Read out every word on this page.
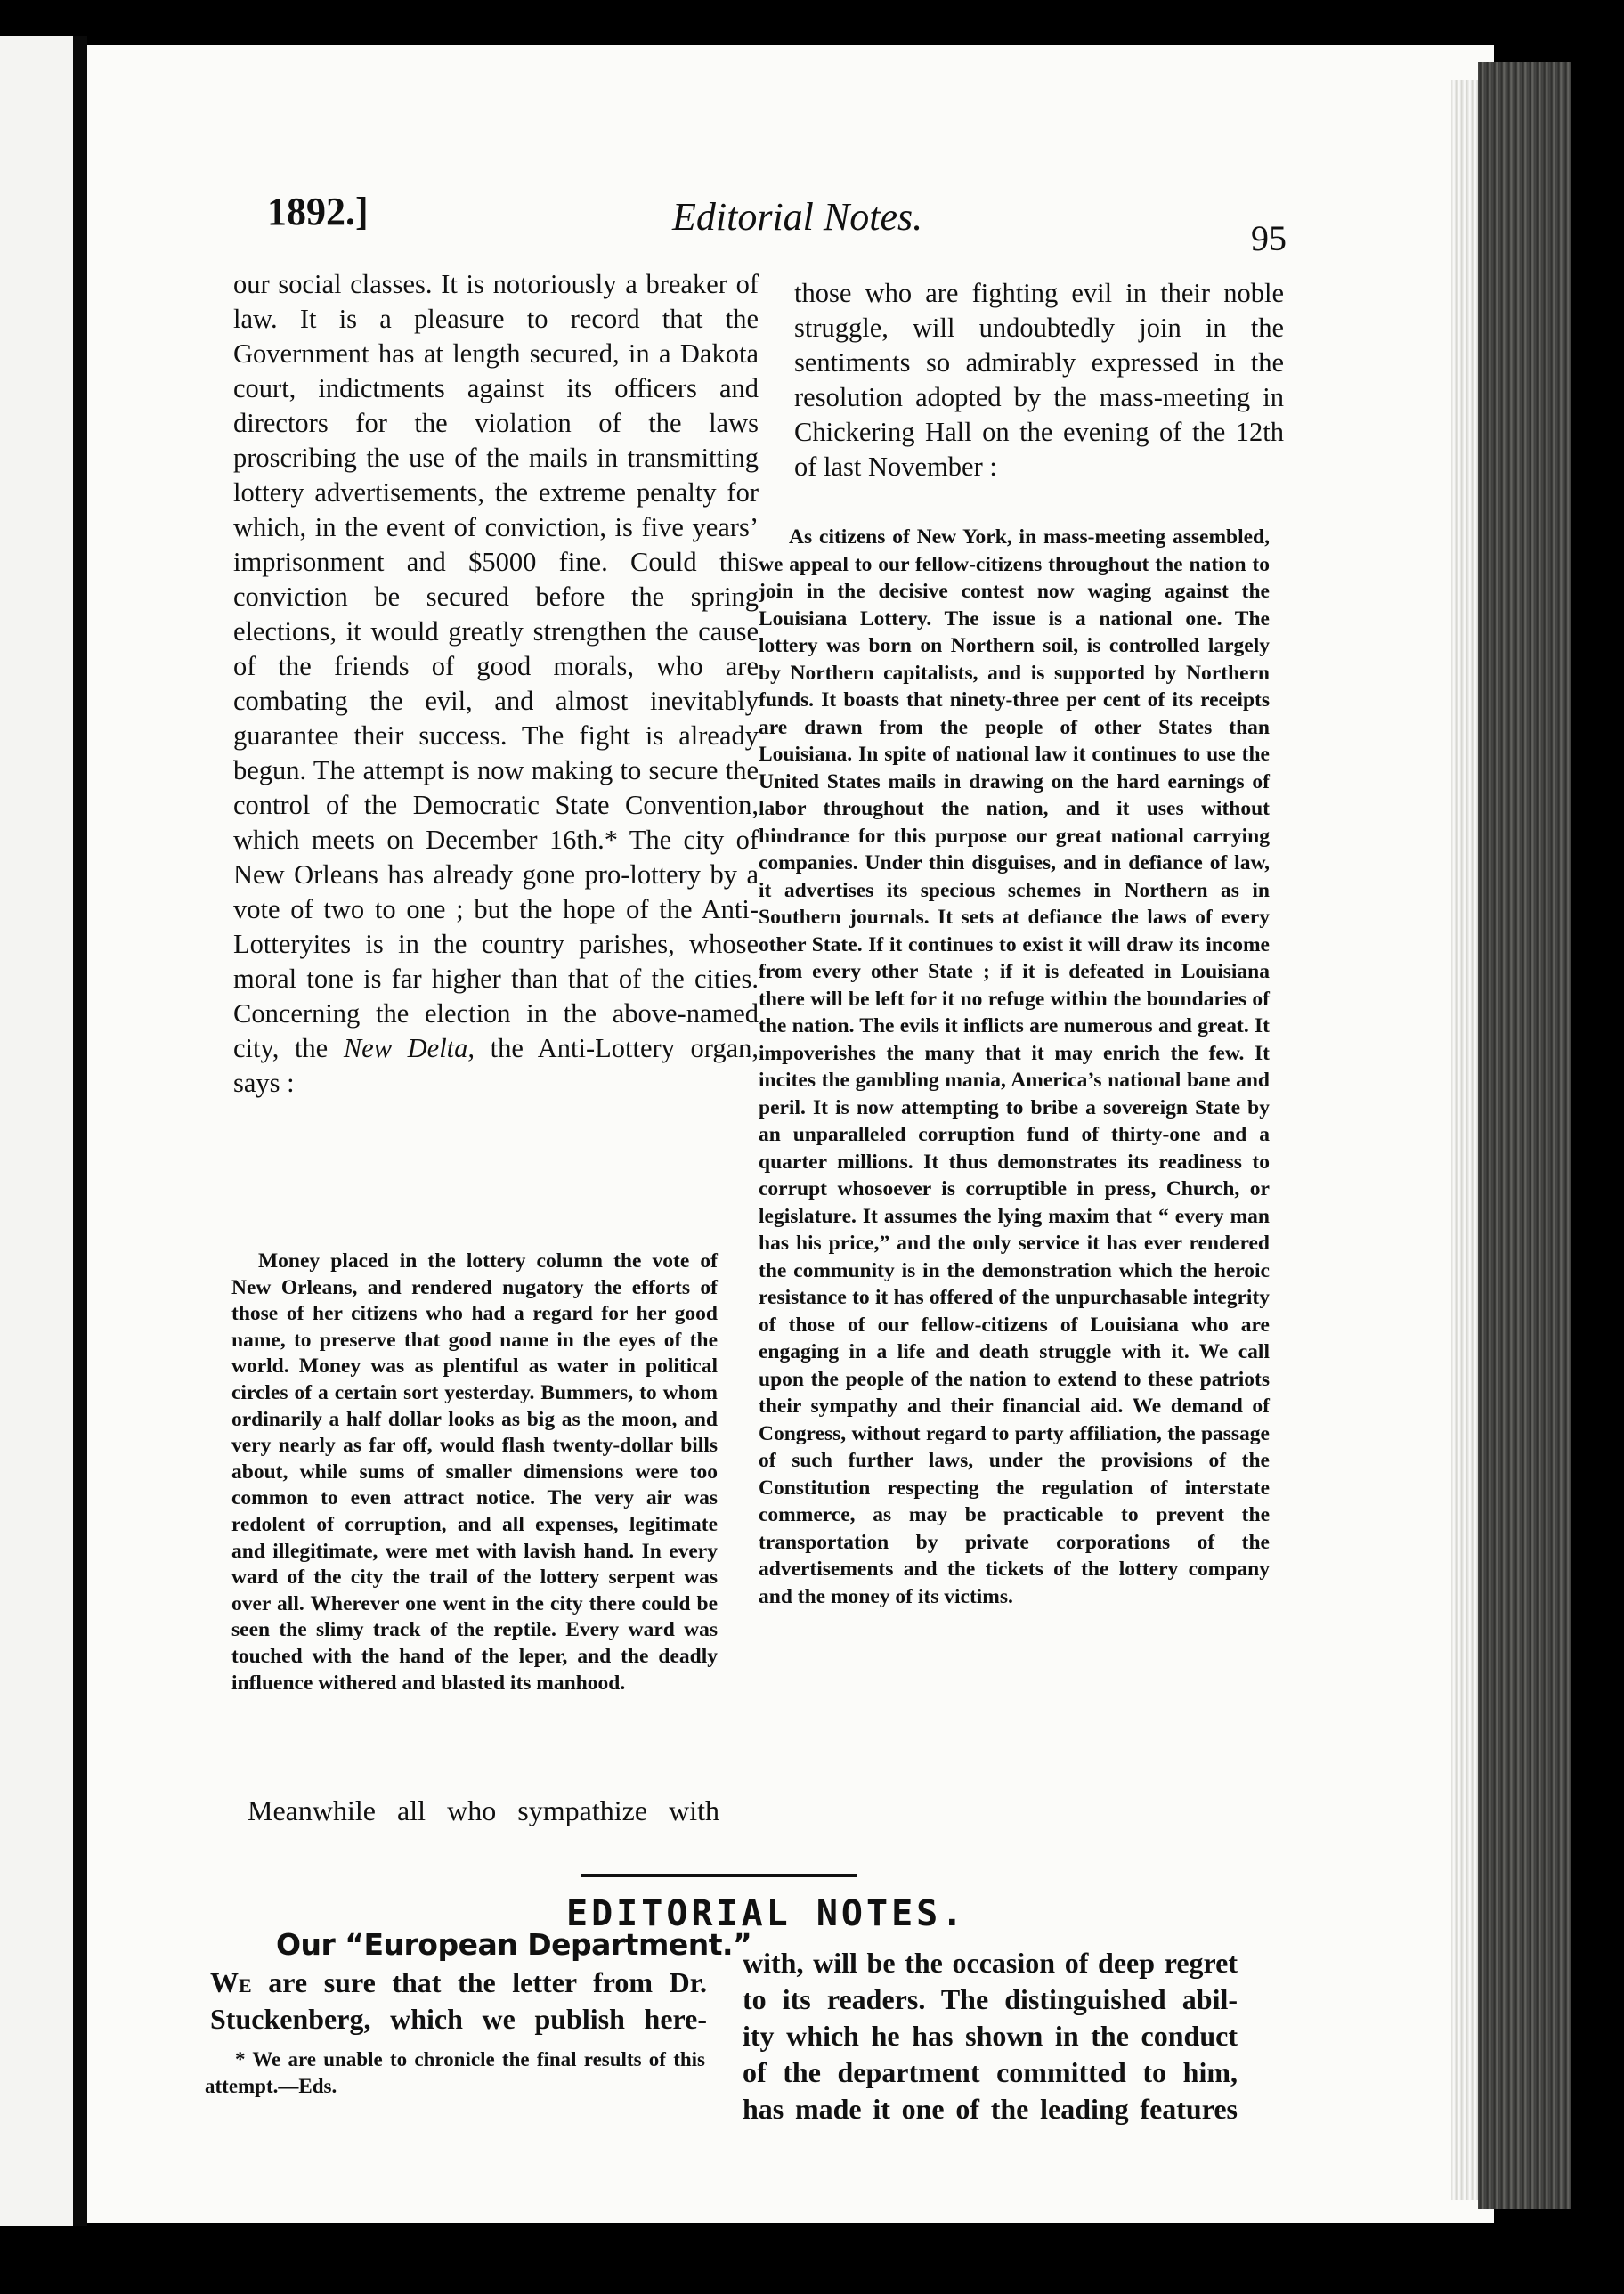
1892.]	Editorial Notes.	95

our social classes. It is notoriously a breaker of law. It is a pleasure to record that the Government has at length secured, in a Dakota court, indictments against its officers and directors for the violation of the laws proscribing the use of the mails in transmitting lottery advertisements, the extreme penalty for which, in the event of conviction, is five years’ imprisonment and $5000 fine. Could this conviction be secured before the spring elections, it would greatly strengthen the cause of the friends of good morals, who are combating the evil, and almost inevitably guarantee their success. The fight is already begun. The attempt is now making to secure the control of the Democratic State Convention, which meets on December 16th.* The city of New Orleans has already gone pro-lottery by a vote of two to one ; but the hope of the Anti-Lotteryites is in the country parishes, whose moral tone is far higher than that of the cities. Concerning the election in the above-named city, the New Delta, the Anti-Lottery organ, says :

Money placed in the lottery column the vote of New Orleans, and rendered nugatory the efforts of those of her citizens who had a regard for her good name, to preserve that good name in the eyes of the world. Money was as plentiful as water in political circles of a certain sort yesterday. Bummers, to whom ordinarily a half dollar looks as big as the moon, and very nearly as far off, would flash twenty-dollar bills about, while sums of smaller dimensions were too common to even attract notice. The very air was redolent of corruption, and all expenses, legitimate and illegitimate, were met with lavish hand. In every ward of the city the trail of the lottery serpent was over all. Wherever one went in the city there could be seen the slimy track of the reptile. Every ward was touched with the hand of the leper, and the deadly influence withered and blasted its manhood.

Meanwhile all who sympathize with

those who are fighting evil in their noble struggle, will undoubtedly join in the sentiments so admirably expressed in the resolution adopted by the mass-meeting in Chickering Hall on the evening of the 12th of last November :

As citizens of New York, in mass-meeting assembled, we appeal to our fellow-citizens throughout the nation to join in the decisive contest now waging against the Louisiana Lottery. The issue is a national one. The lottery was born on Northern soil, is controlled largely by Northern capitalists, and is supported by Northern funds. It boasts that ninety-three per cent of its receipts are drawn from the people of other States than Louisiana. In spite of national law it continues to use the United States mails in drawing on the hard earnings of labor throughout the nation, and it uses without hindrance for this purpose our great national carrying companies. Under thin disguises, and in defiance of law, it advertises its specious schemes in Northern as in Southern journals. It sets at defiance the laws of every other State. If it continues to exist it will draw its income from every other State ; if it is defeated in Louisiana there will be left for it no refuge within the boundaries of the nation. The evils it inflicts are numerous and great. It impoverishes the many that it may enrich the few. It incites the gambling mania, America’s national bane and peril. It is now attempting to bribe a sovereign State by an unparalleled corruption fund of thirty-one and a quarter millions. It thus demonstrates its readiness to corrupt whosoever is corruptible in press, Church, or legislature. It assumes the lying maxim that “ every man has his price,” and the only service it has ever rendered the community is in the demonstration which the heroic resistance to it has offered of the unpurchasable integrity of those of our fellow-citizens of Louisiana who are engaging in a life and death struggle with it. We call upon the people of the nation to extend to these patriots their sympathy and their financial aid. We demand of Congress, without regard to party affiliation, the passage of such further laws, under the provisions of the Constitution respecting the regulation of interstate commerce, as may be practicable to prevent the transportation by private corporations of the advertisements and the tickets of the lottery company and the money of its victims.

EDITORIAL NOTES.
Our “European Department.”

We are sure that the letter from Dr.

Stuckenberg, which we publish here-

* We are unable to chronicle the final results of this attempt.—Eds.

with, will be the occasion of deep regret

to its readers. The distinguished abil-

ity which he has shown in the conduct

of the department committed to him,

has made it one of the leading features
